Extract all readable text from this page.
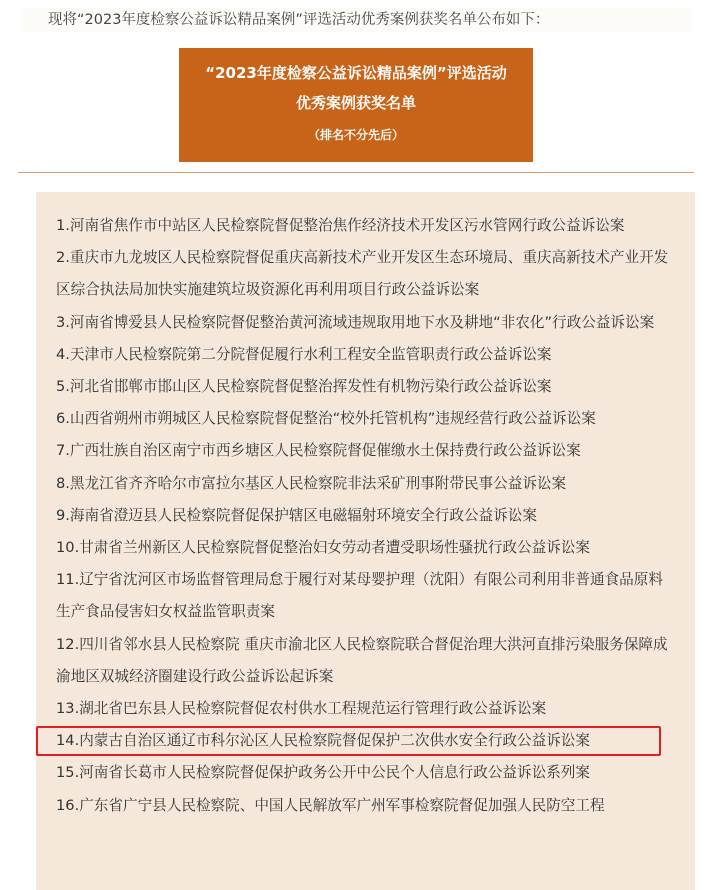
现将“2023年度检察公益诉讼精品案例”评选活动优秀案例获奖名单公布如下：
“2023年度检察公益诉讼精品案例”评选活动
优秀案例获奖名单
（排名不分先后）
1.河南省焦作市中站区人民检察院督促整治焦作经济技术开发区污水管网行政公益诉讼案
2.重庆市九龙坡区人民检察院督促重庆高新技术产业开发区生态环境局、重庆高新技术产业开发区综合执法局加快实施建筑垃圾资源化再利用项目行政公益诉讼案
3.河南省博爱县人民检察院督促整治黄河流域违规取用地下水及耕地“非农化”行政公益诉讼案
4.天津市人民检察院第二分院督促履行水利工程安全监管职责行政公益诉讼案
5.河北省邯郸市邯山区人民检察院督促整治挥发性有机物污染行政公益诉讼案
6.山西省朔州市朔城区人民检察院督促整治“校外托管机构”违规经营行政公益诉讼案
7.广西壮族自治区南宁市西乡塘区人民检察院督促催缴水土保持费行政公益诉讼案
8.黑龙江省齐齐哈尔市富拉尔基区人民检察院非法采矿刑事附带民事公益诉讼案
9.海南省澄迈县人民检察院督促保护辖区电磁辐射环境安全行政公益诉讼案
10.甘肃省兰州新区人民检察院督促整治妇女劳动者遭受职场性骚扰行政公益诉讼案
11.辽宁省沈河区市场监督管理局怠于履行对某母婴护理（沈阳）有限公司利用非普通食品原料生产食品侵害妇女权益监管职责案
12.四川省邻水县人民检察院 重庆市渝北区人民检察院联合督促治理大洪河直排污染服务保障成渝地区双城经济圈建设行政公益诉讼起诉案
13.湖北省巴东县人民检察院督促农村供水工程规范运行管理行政公益诉讼案
14.内蒙古自治区通辽市科尔沁区人民检察院督促保护二次供水安全行政公益诉讼案
15.河南省长葛市人民检察院督促保护政务公开中公民个人信息行政公益诉讼系列案
16.广东省广宁县人民检察院、中国人民解放军广州军事检察院督促加强人民防空工程
